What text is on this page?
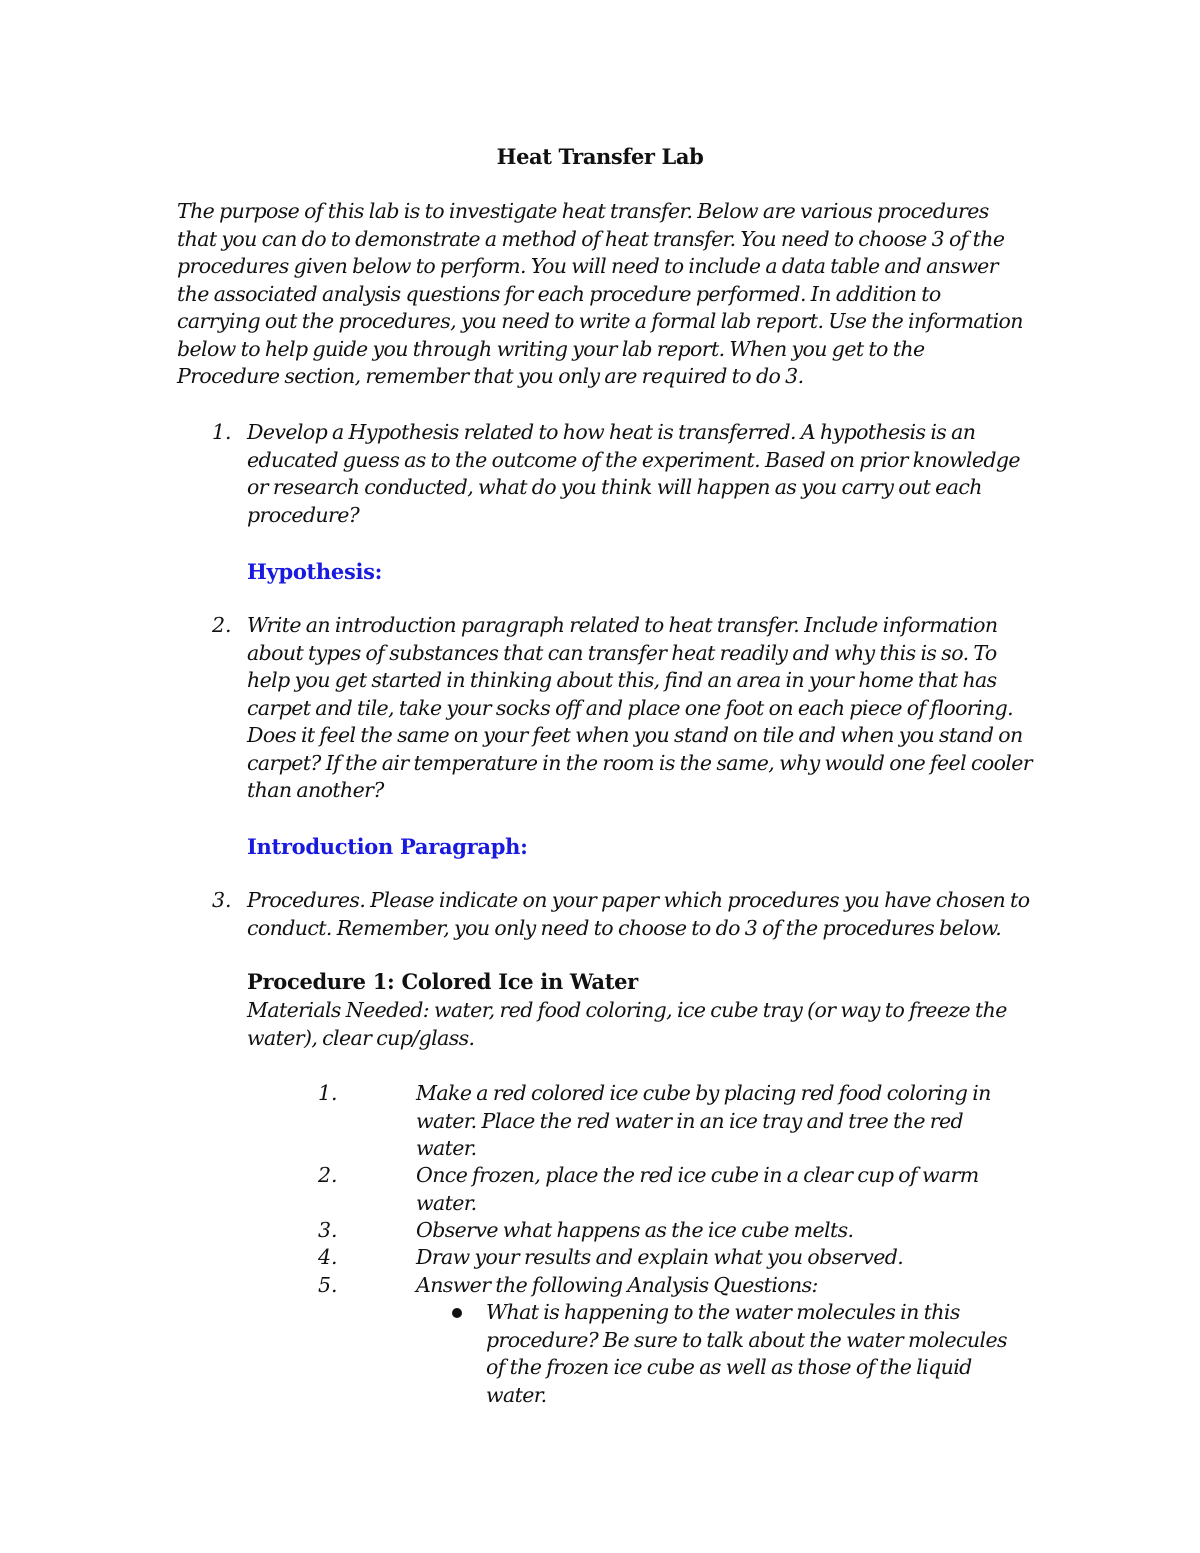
Heat Transfer Lab
The purpose of this lab is to investigate heat transfer. Below are various procedures that you can do to demonstrate a method of heat transfer. You need to choose 3 of the procedures given below to perform. You will need to include a data table and answer the associated analysis questions for each procedure performed. In addition to carrying out the procedures, you need to write a formal lab report. Use the information below to help guide you through writing your lab report. When you get to the Procedure section, remember that you only are required to do 3.
1. Develop a Hypothesis related to how heat is transferred. A hypothesis is an educated guess as to the outcome of the experiment. Based on prior knowledge or research conducted, what do you think will happen as you carry out each procedure?
Hypothesis:
2. Write an introduction paragraph related to heat transfer. Include information about types of substances that can transfer heat readily and why this is so. To help you get started in thinking about this, find an area in your home that has carpet and tile, take your socks off and place one foot on each piece of flooring. Does it feel the same on your feet when you stand on tile and when you stand on carpet? If the air temperature in the room is the same, why would one feel cooler than another?
Introduction Paragraph:
3. Procedures. Please indicate on your paper which procedures you have chosen to conduct. Remember, you only need to choose to do 3 of the procedures below.
Procedure 1: Colored Ice in Water
Materials Needed: water, red food coloring, ice cube tray (or way to freeze the water), clear cup/glass.
1.	Make a red colored ice cube by placing red food coloring in water. Place the red water in an ice tray and tree the red water.
2.	Once frozen, place the red ice cube in a clear cup of warm water.
3.	Observe what happens as the ice cube melts.
4.	Draw your results and explain what you observed.
5.	Answer the following Analysis Questions:
What is happening to the water molecules in this procedure? Be sure to talk about the water molecules of the frozen ice cube as well as those of the liquid water.
